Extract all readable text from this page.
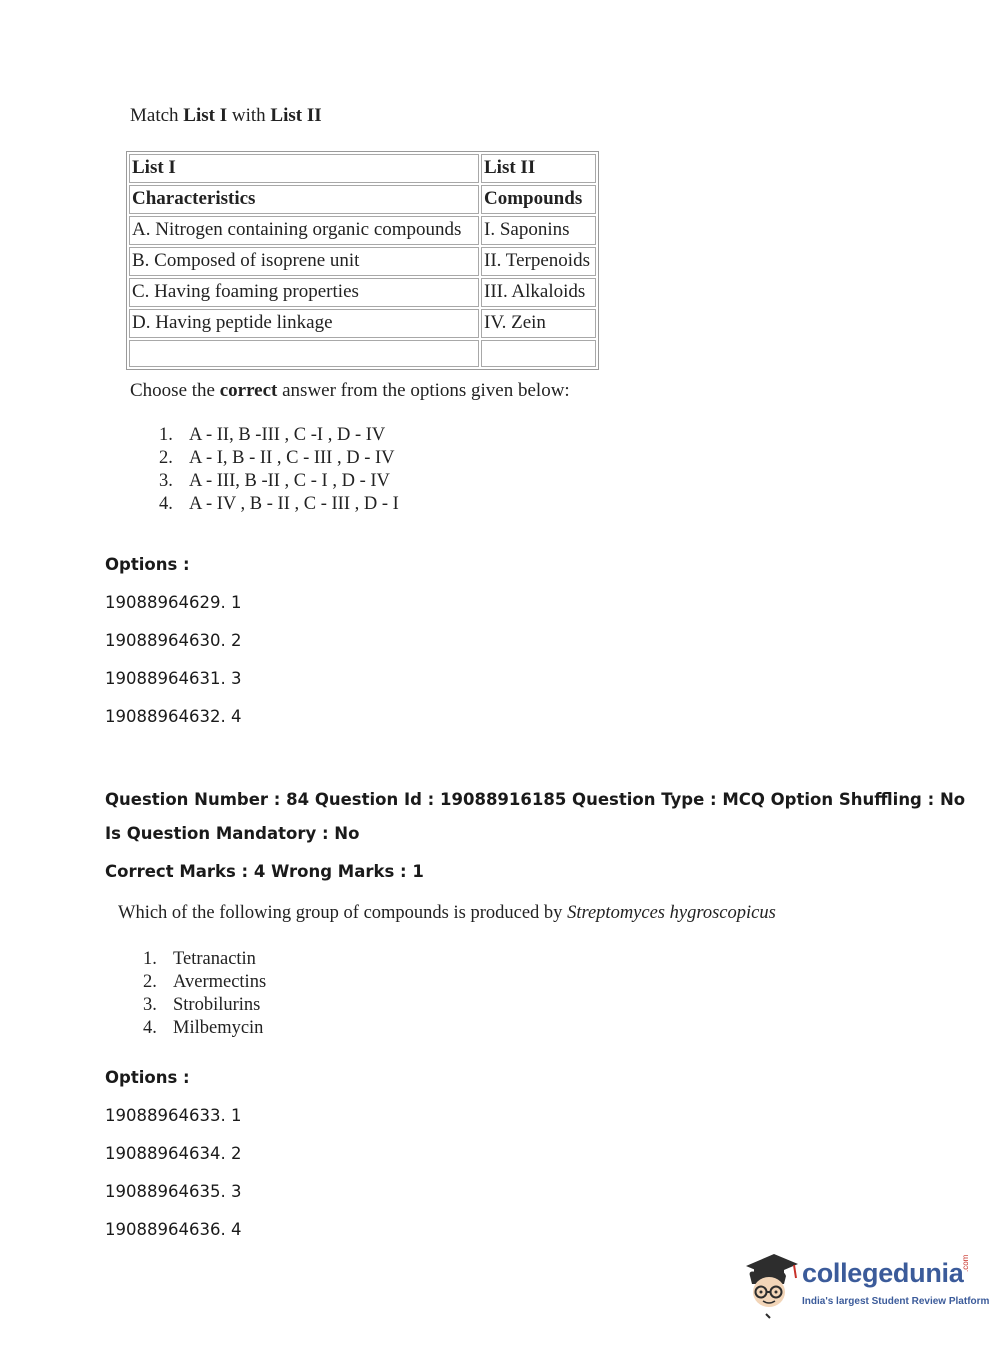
Match List I with List II
List I	List II
Characteristics	Compounds
A. Nitrogen containing organic compounds	I. Saponins
B. Composed of isoprene unit	II. Terpenoids
C. Having foaming properties	III. Alkaloids
D. Having peptide linkage	IV. Zein

Choose the correct answer from the options given below:
1. A - II, B -III , C -I , D - IV
2. A - I, B - II , C - III , D - IV
3. A - III, B -II , C - I , D - IV
4. A - IV , B - II , C - III , D - I
Options :
19088964629. 1
19088964630. 2
19088964631. 3
19088964632. 4
Question Number : 84 Question Id : 19088916185 Question Type : MCQ Option Shuffling : No
Is Question Mandatory : No
Correct Marks : 4 Wrong Marks : 1
Which of the following group of compounds is produced by Streptomyces hygroscopicus
1. Tetranactin
2. Avermectins
3. Strobilurins
4. Milbemycin
Options :
19088964633. 1
19088964634. 2
19088964635. 3
19088964636. 4
collegedunia
.com
India's largest Student Review Platform
